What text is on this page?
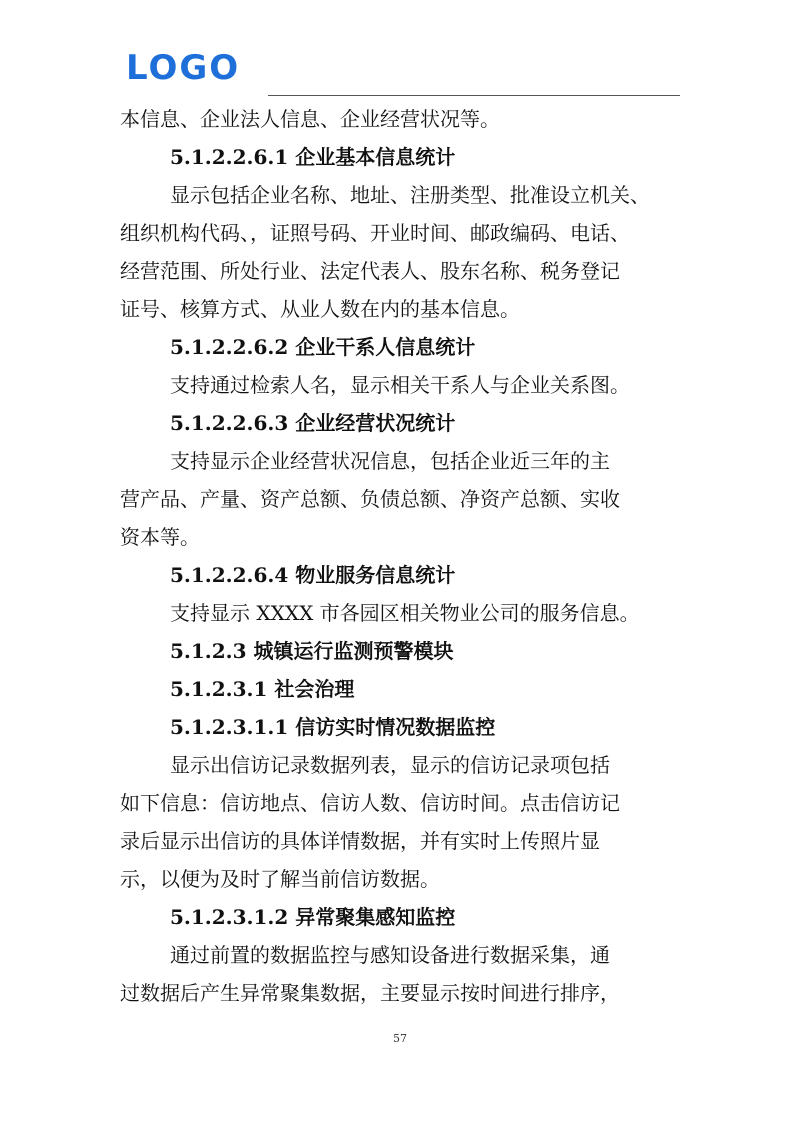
LOGO
本信息、企业法人信息、企业经营状况等。
5.1.2.2.6.1 企业基本信息统计
显示包括企业名称、地址、注册类型、批准设立机关、
组织机构代码、，证照号码、开业时间、邮政编码、电话、
经营范围、所处行业、法定代表人、股东名称、税务登记
证号、核算方式、从业人数在内的基本信息。
5.1.2.2.6.2 企业干系人信息统计
支持通过检索人名，显示相关干系人与企业关系图。
5.1.2.2.6.3 企业经营状况统计
支持显示企业经营状况信息，包括企业近三年的主
营产品、产量、资产总额、负债总额、净资产总额、实收
资本等。
5.1.2.2.6.4 物业服务信息统计
支持显示 XXXX 市各园区相关物业公司的服务信息。
5.1.2.3 城镇运行监测预警模块
5.1.2.3.1 社会治理
5.1.2.3.1.1 信访实时情况数据监控
显示出信访记录数据列表，显示的信访记录项包括
如下信息：信访地点、信访人数、信访时间。点击信访记
录后显示出信访的具体详情数据，并有实时上传照片显
示，以便为及时了解当前信访数据。
5.1.2.3.1.2 异常聚集感知监控
通过前置的数据监控与感知设备进行数据采集，通
过数据后产生异常聚集数据，主要显示按时间进行排序，
57
